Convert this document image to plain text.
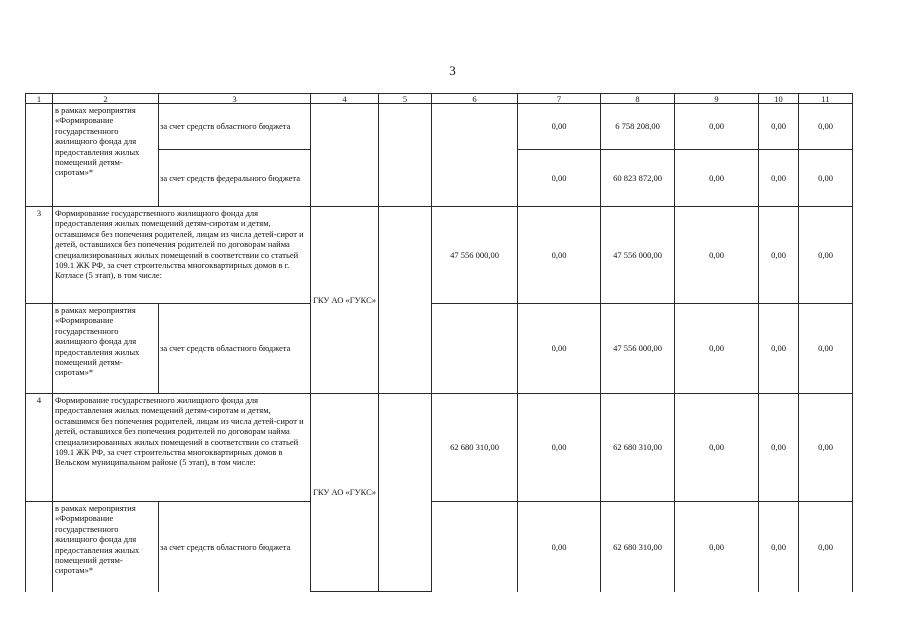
3
1	2	3	4	5	6	7	8	9	10	11
	в рамках мероприятия «Формирование государственного жилищного фонда для предоставления жилых помещений детям-сиротам»*	за счет средств областного бюджета				0,00	6 758 208,00	0,00	0,00	0,00
		за счет средств федерального бюджета				0,00	60 823 872,00	0,00	0,00	0,00
3	Формирование государственного жилищного фонда для предоставления жилых помещений детям-сиротам и детям, оставшимся без попечения родителей, лицам из числа детей-сирот и детей, оставшихся без попечения родителей по договорам найма специализированных жилых помещений в соответствии со статьей 109.1 ЖК РФ, за счет строительства многоквартирных домов в г. Котласе (5 этап), в том числе:		ГКУ АО «ГУКС»		47 556 000,00	0,00	47 556 000,00	0,00	0,00	0,00
	в рамках мероприятия «Формирование государственного жилищного фонда для предоставления жилых помещений детям-сиротам»*	за счет средств областного бюджета				0,00	47 556 000,00	0,00	0,00	0,00
4	Формирование государственного жилищного фонда для предоставления жилых помещений детям-сиротам и детям, оставшимся без попечения родителей, лицам из числа детей-сирот и детей, оставшихся без попечения родителей по договорам найма специализированных жилых помещений в соответствии со статьей 109.1 ЖК РФ, за счет строительства многоквартирных домов в Вельском муниципальном районе (5 этап), в том числе:		ГКУ АО «ГУКС»		62 680 310,00	0,00	62 680 310,00	0,00	0,00	0,00
	в рамках мероприятия «Формирование государственного жилищного фонда для предоставления жилых помещений детям-сиротам»*	за счет средств областного бюджета				0,00	62 680 310,00	0,00	0,00	0,00
